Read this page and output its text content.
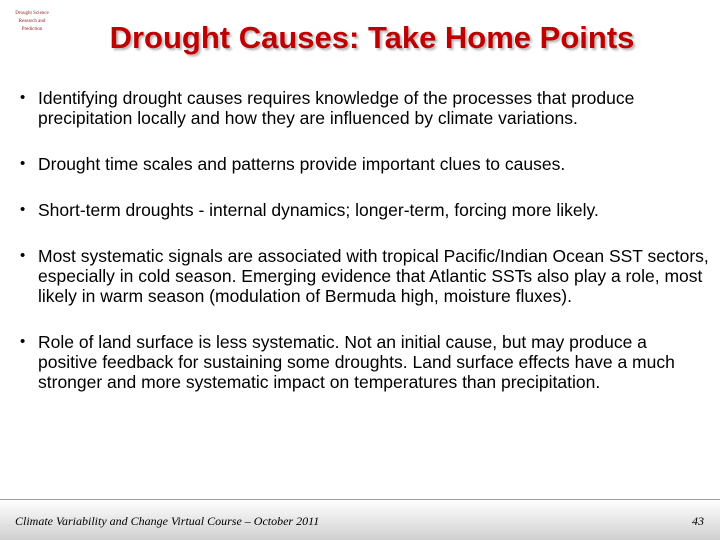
Drought Science
Research and Prediction	Drought Causes: Take Home Points
• Identifying drought causes requires knowledge of the processes that produce precipitation locally and how they are influenced by climate variations.
• Drought time scales and patterns provide important clues to causes.
• Short-term droughts - internal dynamics; longer-term, forcing more likely.
• Most systematic signals are associated with tropical Pacific/Indian Ocean SST sectors, especially in cold season. Emerging evidence that Atlantic SSTs also play a role, most likely in warm season (modulation of Bermuda high, moisture fluxes).
• Role of land surface is less systematic. Not an initial cause, but may produce a positive feedback for sustaining some droughts. Land surface effects have a much stronger and more systematic impact on temperatures than precipitation.
Climate Variability and Change Virtual Course – October 2011	43
